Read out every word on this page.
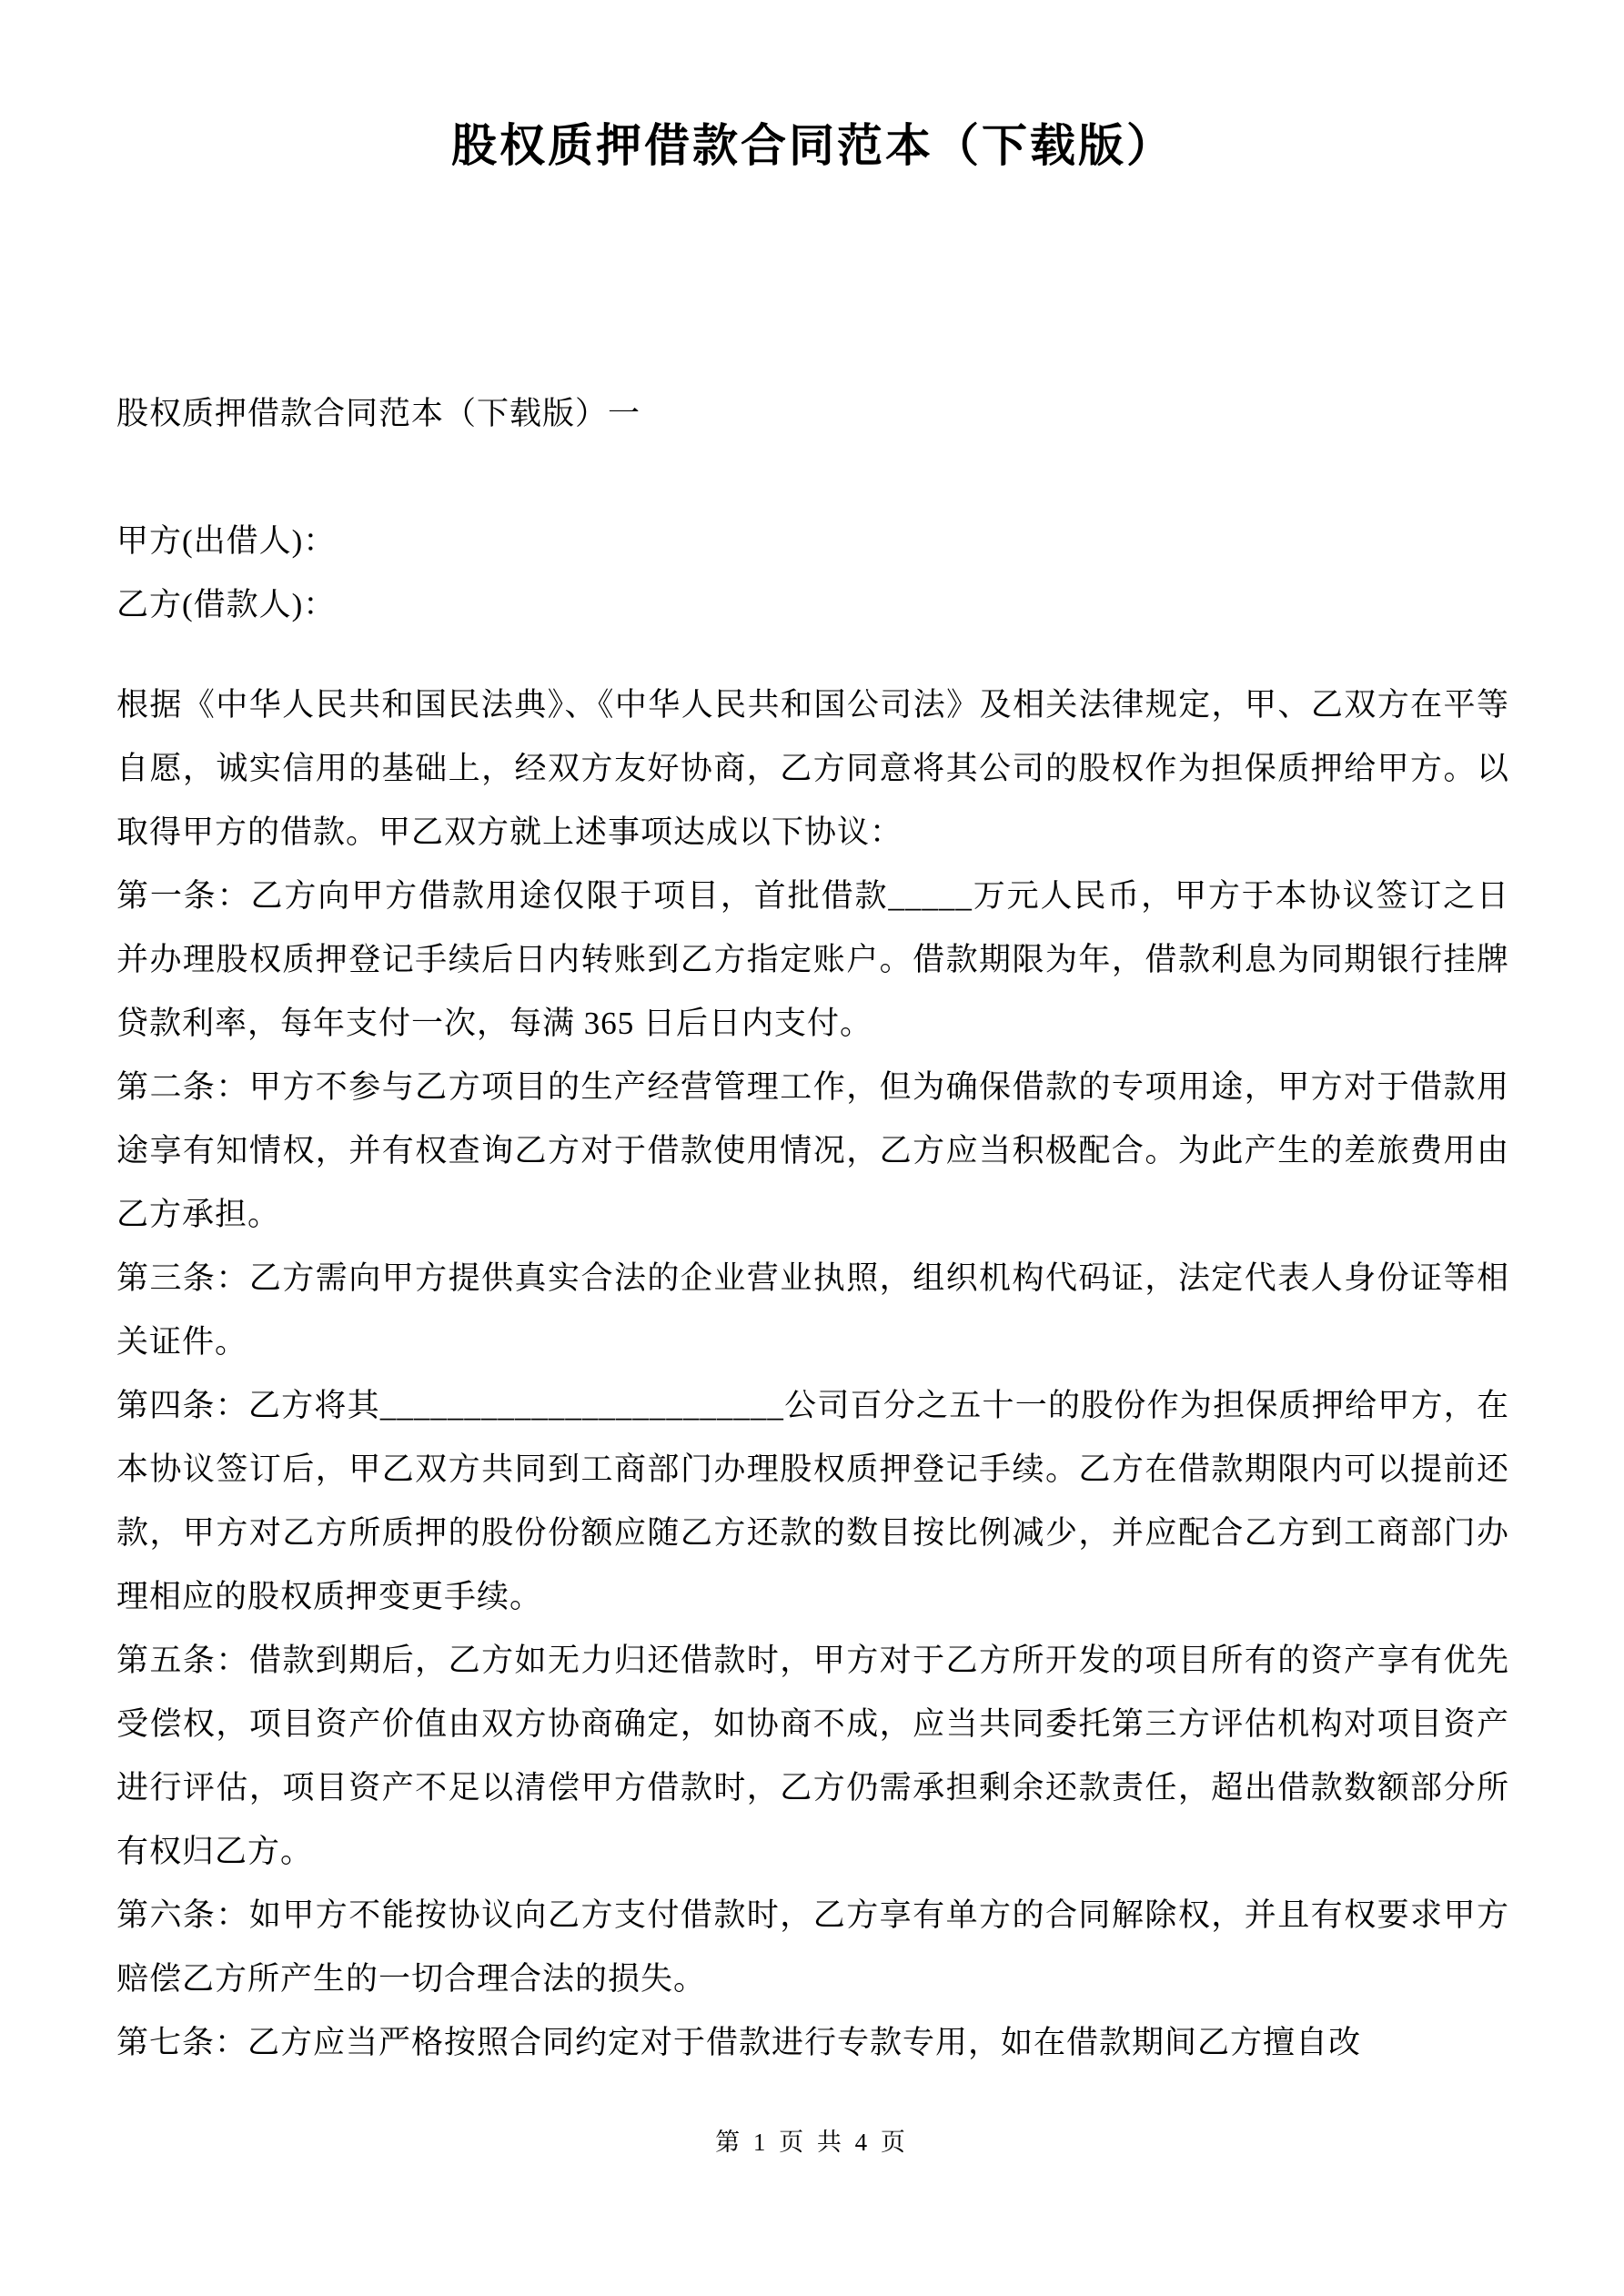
股权质押借款合同范本（下载版）

股权质押借款合同范本（下载版）一

甲方(出借人)：

乙方(借款人)：

根据《中华人民共和国民法典》、《中华人民共和国公司法》及相关法律规定，甲、乙双方在平等自愿，诚实信用的基础上，经双方友好协商，乙方同意将其公司的股权作为担保质押给甲方。以取得甲方的借款。甲乙双方就上述事项达成以下协议：

第一条：乙方向甲方借款用途仅限于项目，首批借款_____万元人民币，甲方于本协议签订之日并办理股权质押登记手续后日内转账到乙方指定账户。借款期限为年，借款利息为同期银行挂牌贷款利率，每年支付一次，每满 365 日后日内支付。

第二条：甲方不参与乙方项目的生产经营管理工作，但为确保借款的专项用途，甲方对于借款用途享有知情权，并有权查询乙方对于借款使用情况，乙方应当积极配合。为此产生的差旅费用由乙方承担。

第三条：乙方需向甲方提供真实合法的企业营业执照，组织机构代码证，法定代表人身份证等相关证件。

第四条：乙方将其________________________公司百分之五十一的股份作为担保质押给甲方，在本协议签订后，甲乙双方共同到工商部门办理股权质押登记手续。乙方在借款期限内可以提前还款，甲方对乙方所质押的股份份额应随乙方还款的数目按比例减少，并应配合乙方到工商部门办理相应的股权质押变更手续。

第五条：借款到期后，乙方如无力归还借款时，甲方对于乙方所开发的项目所有的资产享有优先受偿权，项目资产价值由双方协商确定，如协商不成，应当共同委托第三方评估机构对项目资产进行评估，项目资产不足以清偿甲方借款时，乙方仍需承担剩余还款责任，超出借款数额部分所有权归乙方。

第六条：如甲方不能按协议向乙方支付借款时，乙方享有单方的合同解除权，并且有权要求甲方赔偿乙方所产生的一切合理合法的损失。

第七条：乙方应当严格按照合同约定对于借款进行专款专用，如在借款期间乙方擅自改

第 1 页 共 4 页
